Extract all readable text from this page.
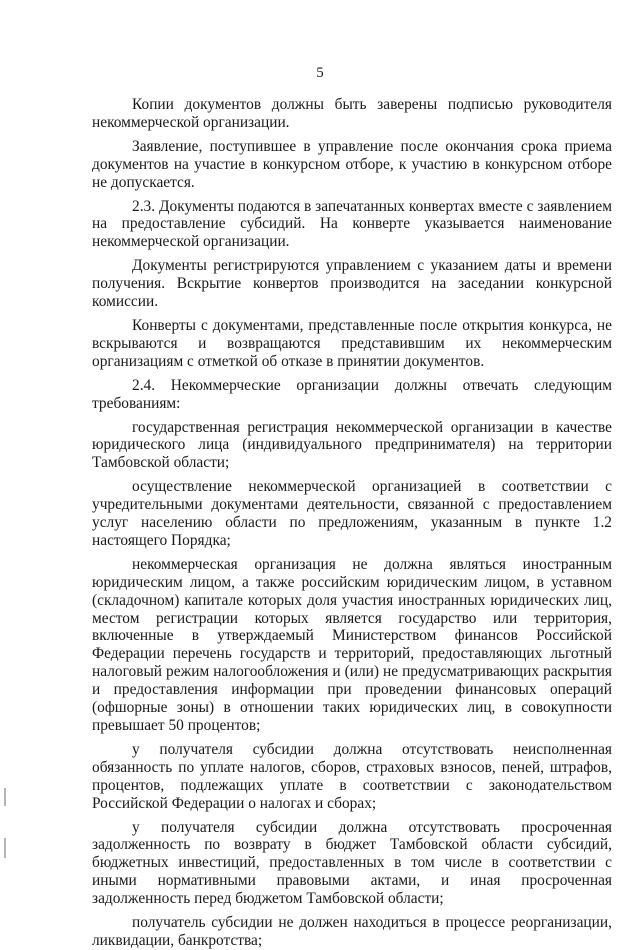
5

Копии документов должны быть заверены подписью руководителя некоммерческой организации.

Заявление, поступившее в управление после окончания срока приема документов на участие в конкурсном отборе, к участию в конкурсном отборе не допускается.

2.3. Документы подаются в запечатанных конвертах вместе с заявлением на предоставление субсидий. На конверте указывается наименование некоммерческой организации.

Документы регистрируются управлением с указанием даты и времени получения. Вскрытие конвертов производится на заседании конкурсной комиссии.

Конверты с документами, представленные после открытия конкурса, не вскрываются и возвращаются представившим их некоммерческим организациям с отметкой об отказе в принятии документов.

2.4. Некоммерческие организации должны отвечать следующим требованиям:

государственная регистрация некоммерческой организации в качестве юридического лица (индивидуального предпринимателя) на территории Тамбовской области;

осуществление некоммерческой организацией в соответствии с учредительными документами деятельности, связанной с предоставлением услуг населению области по предложениям, указанным в пункте 1.2 настоящего Порядка;

некоммерческая организация не должна являться иностранным юридическим лицом, а также российским юридическим лицом, в уставном (складочном) капитале которых доля участия иностранных юридических лиц, местом регистрации которых является государство или территория, включенные в утверждаемый Министерством финансов Российской Федерации перечень государств и территорий, предоставляющих льготный налоговый режим налогообложения и (или) не предусматривающих раскрытия и предоставления информации при проведении финансовых операций (офшорные зоны) в отношении таких юридических лиц, в совокупности превышает 50 процентов;

у получателя субсидии должна отсутствовать неисполненная обязанность по уплате налогов, сборов, страховых взносов, пеней, штрафов, процентов, подлежащих уплате в соответствии с законодательством Российской Федерации о налогах и сборах;

у получателя субсидии должна отсутствовать просроченная задолженность по возврату в бюджет Тамбовской области субсидий, бюджетных инвестиций, предоставленных в том числе в соответствии с иными нормативными правовыми актами, и иная просроченная задолженность перед бюджетом Тамбовской области;

получатель субсидии не должен находиться в процессе реорганизации, ликвидации, банкротства;
